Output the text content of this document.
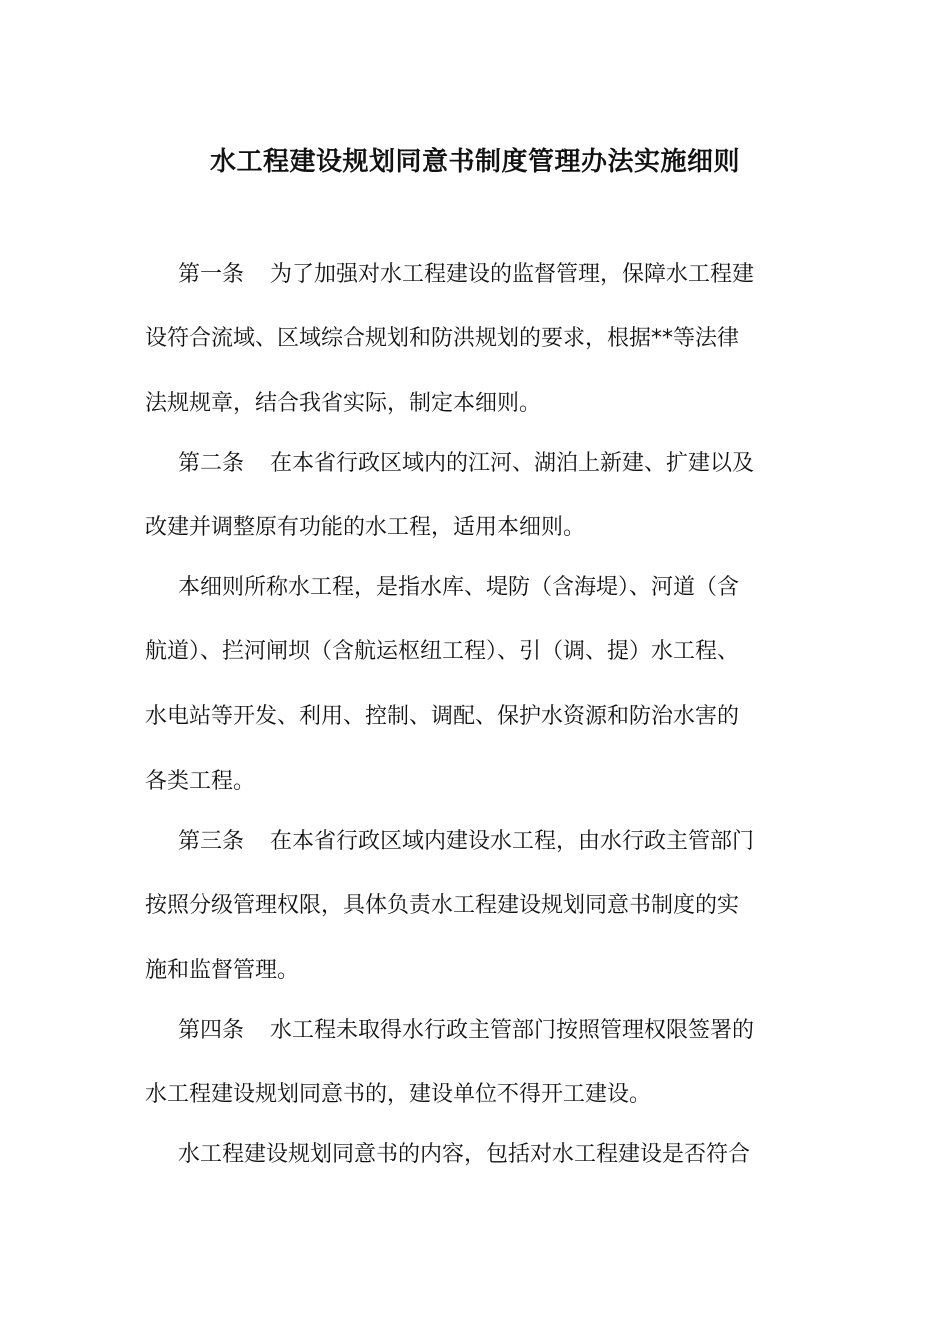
水工程建设规划同意书制度管理办法实施细则
第一条 为了加强对水工程建设的监督管理，保障水工程建
设符合流域、区域综合规划和防洪规划的要求，根据**等法律
法规规章，结合我省实际，制定本细则。
第二条 在本省行政区域内的江河、湖泊上新建、扩建以及
改建并调整原有功能的水工程，适用本细则。
本细则所称水工程，是指水库、堤防（含海堤）、河道（含
航道）、拦河闸坝（含航运枢纽工程）、引（调、提）水工程、
水电站等开发、利用、控制、调配、保护水资源和防治水害的
各类工程。
第三条 在本省行政区域内建设水工程，由水行政主管部门
按照分级管理权限，具体负责水工程建设规划同意书制度的实
施和监督管理。
第四条 水工程未取得水行政主管部门按照管理权限签署的
水工程建设规划同意书的，建设单位不得开工建设。
水工程建设规划同意书的内容，包括对水工程建设是否符合
